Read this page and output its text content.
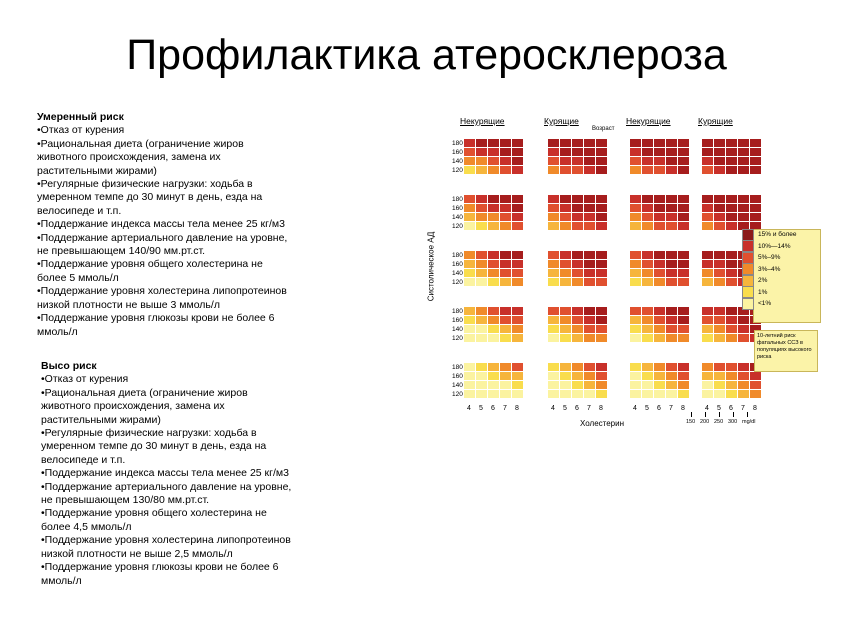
Профилактика атеросклероза
Умеренный риск
•Отказ от курения
•Рациональная диета (ограничение жиров
животного происхождения, замена их
растительными жирами)
•Регулярные физические нагрузки: ходьба в
умеренном темпе до 30 минут в день, езда на
велосипеде и т.п.
•Поддержание индекса массы тела менее 25 кг/м3
•Поддержание артериального давление на уровне,
не превышающем 140/90 мм.рт.ст.
•Поддержание уровня общего холестерина не
более 5 ммоль/л
•Поддержание уровня холестерина липопротеинов
низкой плотности не выше 3 ммоль/л
•Поддержание уровня глюкозы крови не более 6
ммоль/л
Высо риск
•Отказ от курения
•Рациональная диета (ограничение жиров
животного происхождения, замена их
растительными жирами)
•Регулярные физические нагрузки: ходьба в
умеренном темпе до 30 минут в день, езда на
велосипеде и т.п.
•Поддержание индекса массы тела менее 25 кг/м3
•Поддержание артериального давление на уровне,
не превышающем 130/80 мм.рт.ст.
•Поддержание уровня общего холестерина не
более 4,5 ммоль/л
•Поддержание уровня холестерина липопротеинов
низкой плотности не выше 2,5 ммоль/л
•Поддержание уровня глюкозы крови не более 6
ммоль/л
Некурящие	Курящие	Некурящие	Курящие
Возраст
180
160
140
120
180
160
140
120
180
160
140
120
180
160
140
120
180
160
140
120
4 5 6 7 8	4 5 6 7 8	4 5 6 7 8	4 5 6 7 8
Систолическое АД
Холестерин	150 200 250 300 mg/dl
15% и более
10%—14%
5%–9%
3%–4%
2%
1%
<1%
10-летний риск фатальных ССЗ в популяциях высокого риска
